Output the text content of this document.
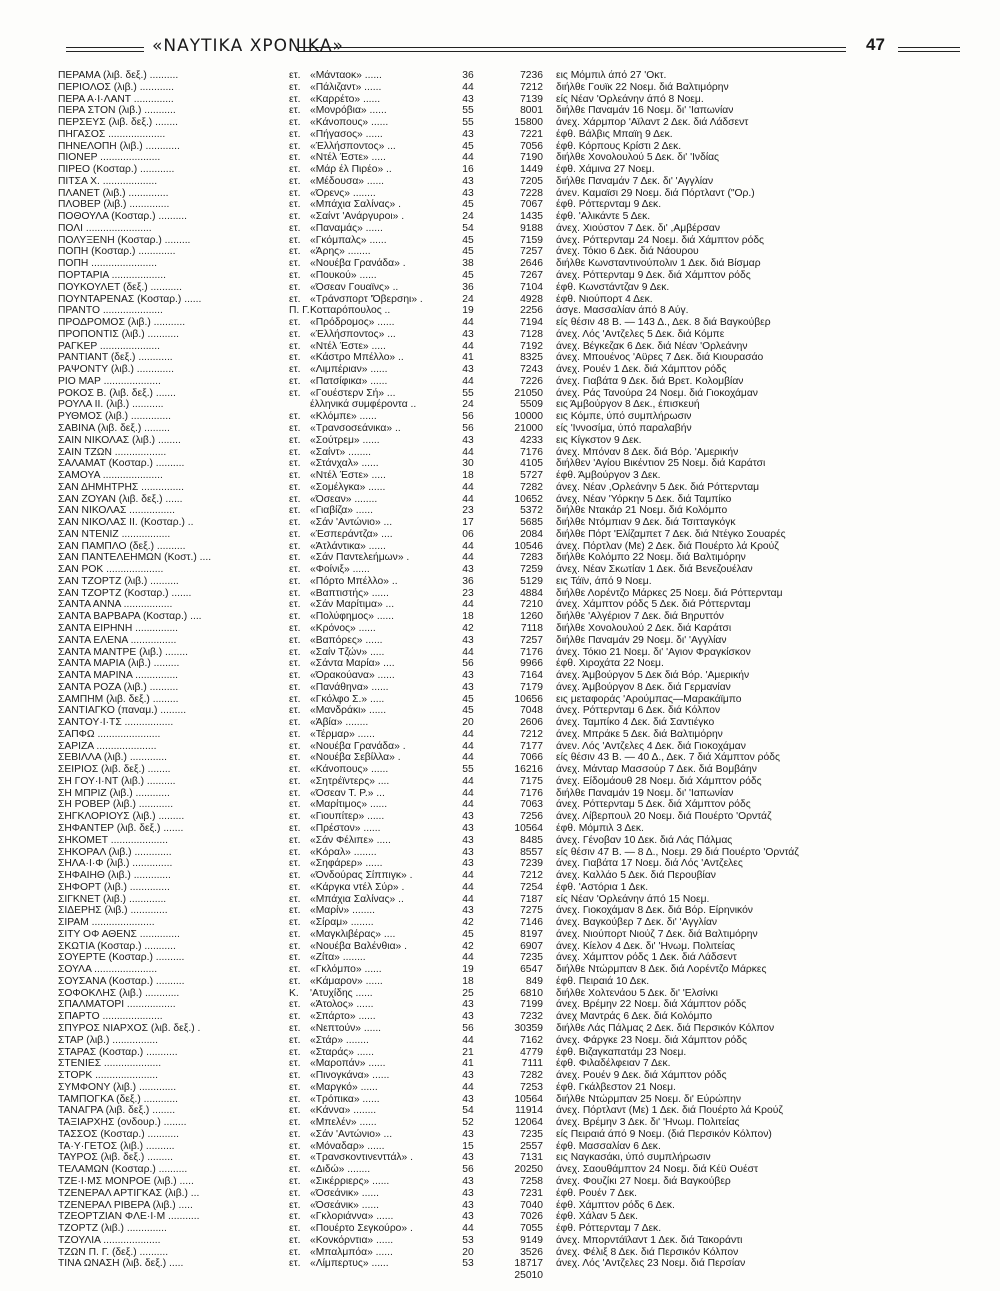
«ΝΑΥΤΙΚΑ ΧΡΟΝΙΚΑ»	47
ΠΕΡΑΜΑ (λιβ. δεξ.) ..........	ετ. «Μάνταοκ» ......	36	7236 εις Μόμπιλ άπό 27 'Οκτ.
ΠΕΡΙΟΛΟΣ (λιβ.) ............	ετ. «Πάλιζαντ» ......	44	7212 διήλθε Γουϊκ 22 Νοεμ. διά Βαλτιμόρην
ΠΕΡΑ Α·Ι·ΛΑΝΤ ..............	ετ. «Καρρέτο» ......	43	7139 είς Νέαν 'Ορλεάνην άπό 8 Νοεμ.
ΠΕΡΑ ΣΤΟΝ (λιβ.) ...........	ετ. «Μονρόβια» ......	55	8001 διήλθε Παναμάν 16 Νοεμ. δι' 'Ιαπωνίαν
ΠΕΡΣΕΥΣ (λιβ. δεξ.) ........	ετ. «Κάνοπους» ......	55	15800 άνεχ. Χάρμπορ 'Αϊλαντ 2 Δεκ. διά Λάδσεντ
ΠΗΓΑΣΟΣ ....................	ετ. «Πήγασος» ......	43	7221 έφθ. Βάλβις Μπαϊη 9 Δεκ.
ΠΗΝΕΛΟΠΗ (λιβ.) ............	ετ. «Έλλήσποντος» ...	45	7056 έφθ. Κόρπους Κρίστι 2 Δεκ.
ΠΙΟΝΕΡ .....................	ετ. «Ντέλ Έστε» .....	44	7190 διήλθε Χονολουλού 5 Δεκ. δι' 'Ινδίας
ΠΙΡΕΟ (Κοσταρ.) ............	ετ. «Μάρ έλ Πιρέο» ..	16	1449 έφθ. Χάμινα 27 Νοεμ.
ΠΙΤΣΑ Χ. ...................	ετ. «Μέδουσα» ......	43	7205 διήλθε Παναμάν 7 Δεκ. δι' 'Αγγλίαν
ΠΛΑΝΕΤ (λιβ.) ..............	ετ. «Όρενς» ........	43	7228 άνεν. Καμαϊσι 29 Νοεμ. διά Πόρτλαντ ("Ορ.)
ΠΛΟΒΕΡ (λιβ.) ..............	ετ. «Μπάχια Σαλίνας» .	45	7067 έφθ. Ρόττερνταμ 9 Δεκ.
ΠΟΘΟΥΛΑ (Κοσταρ.) ..........	ετ. «Σαίντ 'Ανάργυροι» .	24	1435 έφθ. 'Αλικάντε 5 Δεκ.
ΠΟΛΙ .......................	ετ. «Παναμάς» ......	54	9188 άνεχ. Χιούστον 7 Δεκ. δι' ,Αμβέρσαν
ΠΟΛΥΞΕΝΗ (Κοσταρ.) .........	ετ. «Γκόμπαλς» ......	45	7159 άνεχ. Ρόττερνταμ 24 Νοεμ. διά Χάμπτον ρόδς
ΠΟΠΗ (Κοσταρ.) .............	ετ. «Άρης» ........	45	7257 άνεχ. Τόκιο 6 Δεκ. διά Νάουρου
ΠΟΠΗ .......................	ετ. «Νουέβα Γρανάδα» .	38	2646 διήλθε Κωνσταντινούπολιν 1 Δεκ. διά Βίσμαρ
ΠΟΡΤΑΡΙΑ ...................	ετ. «Πουκού» ......	45	7267 άνεχ. Ρόττερνταμ 9 Δεκ. διά Χάμπτον ρόδς
ΠΟΥΚΟΥΛΕΤ (δεξ.) ...........	ετ. «Όσεαν Γουαϊνς» ..	36	7104 έφθ. Κωνστάντζαν 9 Δεκ.
ΠΟΥΝΤΑΡΕΝΑΣ (Κοσταρ.) ......	ετ. «Τράνσπορτ 'Όβερσηι» .	24	4928 έφθ. Νιούπορτ 4 Δεκ.
ΠΡΑΝΤΟ .....................	Π. Γ. Κοτταρόπουλος ..	19	2256 άσγε. Μασσαλίαν άπό 8 Αύγ.
ΠΡΟΔΡΟΜΟΣ (λιβ.) ...........	ετ. «Πρόδρομος» ......	44	7194 είς θέσιν 48 Β. — 143 Δ., Δεκ. 8 διά Βαγκούβερ
ΠΡΟΠΟΝΤΙΣ (λιβ.) ...........	ετ. «Έλλήσποντος» ...	43	7128 άνεχ. Λός 'Αντζελες 5 Δεκ. διά Κόμπε
ΡΑΓΚΕΡ .....................	ετ. «Ντέλ Έστε» .....	44	7192 άνεχ. Βέγκεζακ 6 Δεκ. διά Νέαν 'Ορλεάνην
ΡΑΝΤΙΑΝΤ (δεξ.) ............	ετ. «Κάστρο Μπέλλο» ..	41	8325 άνεχ. Μπουένος 'Αϋρες 7 Δεκ. διά Κιουρασάο
ΡΑΨΟΝΤΥ (λιβ.) .............	ετ. «Λιμπέριαν» ......	43	7243 άνεχ. Ρουέν 1 Δεκ. διά Χάμπτον ρόδς
ΡΙΟ ΜΑΡ ....................	ετ. «Πατσίφικα» ......	44	7226 άνεχ. Γιαβάτα 9 Δεκ. διά Βρετ. Κολομβίαν
ΡΟΚΟΣ Β. (λιβ. δεξ.) .......	ετ. «Γουέστερν Σή» ...	55	21050 άνεχ. Ράς Τανούρα 24 Νοεμ. διά Γιοκοχάμαν
ΡΟΥΛΑ ΙΙ. (λιβ.) ...........	έλληνικά συμφέροντα ..	24	5509 εις Άμβούργον 8 Δεκ., έπισκευή
ΡΥΘΜΟΣ (λιβ.) ..............	ετ. «Κλόμπε» ......	56	10000 εις Κόμπε, ύπό συμπλήρωσιν
ΣΑΒΙΝΑ (λιβ. δεξ.) .........	ετ. «Τρανσοσεάνικα» ..	56	21000 είς 'Ιννοσίμα, ύπό παραλαβήν
ΣΑΙΝ ΝΙΚΟΛΑΣ (λιβ.) ........	ετ. «Σούτρεμ» ......	43	4233 εις Κίγκστον 9 Δεκ.
ΣΑΙΝ ΤΖΩΝ ..................	ετ. «Σαίντ» ........	44	7176 άνεχ. Μπόναν 8 Δεκ. διά Βόρ. 'Αμερικήν
ΣΑΛΑΜΑΤ (Κοσταρ.) ..........	ετ. «Στάνχαλ» ......	30	4105 διήλθεν 'Αγίου Βικέντιον 25 Νοεμ. διά Καράτσι
ΣΑΜΟΥΑ .....................	ετ. «Ντέλ Έστε» .....	18	5727 έφθ. Άμβούργον 3 Δεκ.
ΣΑΝ ΔΗΜΗΤΡΗΣ ...............	ετ. «Σομέλγκα» ......	44	7282 άνεχ. Νέαν ,Ορλεάνην 5 Δεκ. διά Ρόττερνταμ
ΣΑΝ ΖΟΥΑΝ (λιβ. δεξ.) ......	ετ. «Όσεαν» ........	44	10652 άνεχ. Νέαν 'Υόρκην 5 Δεκ. διά Ταμπίκο
ΣΑΝ ΝΙΚΟΛΑΣ ................	ετ. «Γιαβίζα» ......	23	5372 διήλθε Ντακάρ 21 Νοεμ. διά Κολόμπο
ΣΑΝ ΝΙΚΟΛΑΣ ΙΙ. (Κοσταρ.) ..	ετ. «Σάν 'Αντώνιο» ...	17	5685 διήλθε Ντόμπιαν 9 Δεκ. διά Τσιτταγκόγκ
ΣΑΝ ΝΤΕΝΙΖ .................	ετ. «Έσπεράντζα» ....	06	2084 διήλθε Πόρτ 'Ελίζαμπετ 7 Δεκ. διά Ντέγκο Σουαρές
ΣΑΝ ΠΑΜΠΛΟ (δεξ.) ..........	ετ. «Άτλάντικα» ......	44	10546 άνεχ. Πόρτλαν (Με) 2 Δεκ. διά Πουέρτο λά Κρούζ
ΣΑΝ ΠΑΝΤΕΛΕΗΜΩΝ (Κοστ.) ....	ετ. «Σάν Παντελεήμων» .	44	7283 διήλθε Κολόμπο 22 Νοεμ. διά Βαλτιμόρην
ΣΑΝ ΡΟΚ ....................	ετ. «Φοίνιξ» ......	43	7259 άνεχ. Νέαν Σκωτίαν 1 Δεκ. διά Βενεζουέλαν
ΣΑΝ ΤΖΟΡΤΖ (λιβ.) ..........	ετ. «Πόρτο Μπέλλο» ..	36	5129 εις Τάϊν, άπό 9 Νοεμ.
ΣΑΝ ΤΖΟΡΤΖ (Κοσταρ.) .......	ετ. «Βαπτιστής» ......	23	4884 διήλθε Λορέντζο Μάρκες 25 Νοεμ. διά Ρόττερνταμ
ΣΑΝΤΑ ΑΝΝΑ .................	ετ. «Σάν Μαρίτιμα» ...	44	7210 άνεχ. Χάμπτον ρόδς 5 Δεκ. διά Ρόττερνταμ
ΣΑΝΤΑ ΒΑΡΒΑΡΑ (Κοσταρ.) ....	ετ. «Πολύφημος» ......	18	1260 διήλθε 'Αλγέριον 7 Δεκ. διά Βηρυττόν
ΣΑΝΤΑ ΕΙΡΗΝΗ ...............	ετ. «Κρόνος» ......	42	7118 διήλθε Χονολουλού 2 Δεκ. διά Καράτσι
ΣΑΝΤΑ ΕΛΕΝΑ ................	ετ. «Βαπόρες» ......	43	7257 διήλθε Παναμάν 29 Νοεμ. δι' 'Αγγλίαν
ΣΑΝΤΑ ΜΑΝΤΡΕ (λιβ.) ........	ετ. «Σαίν Τζών» .....	44	7176 άνεχ. Τόκιο 21 Νοεμ. δι' 'Αγιον Φραγκίσκον
ΣΑΝΤΑ ΜΑΡΙΑ (λιβ.) .........	ετ. «Σάντα Μαρία» ....	56	9966 έφθ. Χιροχάτα 22 Νοεμ.
ΣΑΝΤΑ ΜΑΡΙΝΑ ...............	ετ. «Όρακούανα» ......	43	7164 άνεχ. Άμβούργον 5 Δεκ διά Βόρ. 'Αμερικήν
ΣΑΝΤΑ ΡΟΖΑ (λιβ.) ..........	ετ. «Πανάθηνα» ......	43	7179 άνεχ. Άμβούργον 8 Δεκ. διά Γερμανίαν
ΣΑΜΠΗΜ (λιβ. δεξ.) .........	ετ. «Γκόλφο Σ.» .....	45	10656 εις μεταφοράς 'Αρούμπας—Μαρακάϊμπο
ΣΑΝΤΙΑΓΚΟ (παναμ.) .........	ετ. «Μανδράκι» ......	45	7048 άνεχ. Ρόττερνταμ 6 Δεκ. διά Κόλπον
ΣΑΝΤΟΥ·Ι·ΤΣ .................	ετ. «Άβία» ........	20	2606 άνεχ. Ταμπίκο 4 Δεκ. διά Σαντιέγκο
ΣΑΠΦΩ ......................	ετ. «Τέρμαρ» ......	44	7212 άνεχ. Μπράκε 5 Δεκ. διά Βαλτιμόρην
ΣΑΡΙΖΑ .....................	ετ. «Νουέβα Γρανάδα» .	44	7177 άνεν. Λός 'Αντζελες 4 Δεκ. διά Γιοκοχάμαν
ΣΕΒΙΛΛΑ (λιβ.) .............	ετ. «Νουέβα Σεβίλλα» .	44	7066 είς θέσιν 43 Β. — 40 Δ., Δεκ. 7 διά Χάμπτον ρόδς
ΣΕΙΡΙΟΣ (λιβ. δεξ.) ........	ετ. «Κάνοπους» ......	55	16216 άνεχ. Μάνταρ Μασσούρ 7 Δεκ. διά Βομβάην
ΣΗ ΓΟΥ·Ι·ΝΤ (λιβ.) ..........	ετ. «Σητρέϊντερς» ....	44	7175 άνεχ. Είδομάουθ 28 Νοεμ. διά Χάμπτον ρόδς
ΣΗ ΜΠΡΙΖ (λιβ.) ............	ετ. «Όσεαν Τ. Ρ.» ...	44	7176 διήλθε Παναμάν 19 Νοεμ. δι' 'Ιαπωνίαν
ΣΗ ΡΟΒΕΡ (λιβ.) ............	ετ. «Μαρίτιμος» ......	44	7063 άνεχ. Ρόττερνταμ 5 Δεκ. διά Χάμπτον ρόδς
ΣΗΓΚΛΟΡΙΟΥΣ (λιβ.) .........	ετ. «Γιουπίτερ» ......	43	7256 άνεχ. Λίβερπουλ 20 Νοεμ. διά Πουέρτο 'Ορντάζ
ΣΗΦΑΝΤΕΡ (λιβ. δεξ.) .......	ετ. «Πρέστον» ......	43	10564 έφθ. Μόμπιλ 3 Δεκ.
ΣΗΚΟΜΕΤ ....................	ετ. «Σάν Φέλιπε» .....	43	8485 άνεχ. Γένοβαν 10 Δεκ. διά Λάς Πάλμας
ΣΗΚΟΡΑΛ (λιβ.) .............	ετ. «Κόραλ» ........	43	8557 είς θέσιν 47 Β. — 8 Δ., Νοεμ. 29 διά Πουέρτο 'Ορντάζ
ΣΗΛΑ·Ι·Φ (λιβ.) ..............	ετ. «Σηφάρερ» ......	43	7239 άνεχ. Γιαβάτα 17 Νοεμ. διά Λός 'Αντζελες
ΣΗΦΑΙΗΘ (λιβ.) .............	ετ. «Όνδούρας Σίππιγκ» .	44	7212 άνεχ. Καλλάο 5 Δεκ. διά Περουβίαν
ΣΗΦΟΡΤ (λιβ.) ..............	ετ. «Κάργκα ντέλ Σύρ» .	44	7254 έφθ. 'Αστόρια 1 Δεκ.
ΣΙΓΚΝΕΤ (λιβ.) .............	ετ. «Μπάχια Σαλίνας» ..	44	7187 είς Νέαν 'Ορλεάνην άπό 15 Νοεμ.
ΣΙΔΕΡΗΣ (λιβ.) .............	ετ. «Μαρίν» ........	43	7275 άνεχ. Γιοκοχάμαν 8 Δεκ. διά Βόρ. Είρηνικόν
ΣΙΡΑΜ ......................	ετ. «Σίραμ» ........	42	7146 άνεχ. Βαγκούβερ 7 Δεκ. δι' 'Αγγλίαν
ΣΙΤΥ ΟΦ ΑΘΕΝΣ ..............	ετ. «Μαγκλιβέρας» ....	45	8197 άνεχ. Νιούπορτ Νιούζ 7 Δεκ. διά Βαλτιμόρην
ΣΚΩΤΙΑ (Κοσταρ.) ...........	ετ. «Νουέβα Βαλένθια» .	42	6907 άνεχ. Κίελον 4 Δεκ. δι' 'Ηνωμ. Πολιτείας
ΣΟΥΕΡΤΕ (Κοσταρ.) ..........	ετ. «Ζίτα» ........	44	7235 άνεχ. Χάμπτον ρόδς 1 Δεκ. διά Λάδσεντ
ΣΟΥΛΑ ......................	ετ. «Γκλόμπο» ......	19	6547 διήλθε Ντώρμπαν 8 Δεκ. διά Λορέντζο Μάρκες
ΣΟΥΣΑΝΑ (Κοσταρ.) ..........	ετ. «Κάμαρον» ......	18	849 έφθ. Πειραιά 10 Δεκ.
ΣΟΦΟΚΛΗΣ (λιβ.) ............	Κ.	'Ατυχίδης ......	25	6810 διήλθε Χολτενάου 5 Δεκ. δι' 'Ελσίνκι
ΣΠΑΛΜΑΤΟΡΙ .................	ετ. «Άτολος» ......	43	7199 άνεχ. Βρέμην 22 Νοεμ. διά Χάμπτον ρόδς
ΣΠΑΡΤΟ .....................	ετ. «Σπάρτο» ......	43	7232 άνεχ Μαντράς 6 Δεκ. διά Κολόμπο
ΣΠΥΡΟΣ ΝΙΑΡΧΟΣ (λιβ. δεξ.) .	ετ. «Νεπτούν» ......	56	30359 διήλθε Λάς Πάλμας 2 Δεκ. διά Περσικόν Κόλπον
ΣΤΑΡ (λιβ.) ................	ετ. «Στάρ» ........	44	7162 άνεχ. Φάργκε 23 Νοεμ. διά Χάμπτον ρόδς
ΣΤΑΡΑΣ (Κοσταρ.) ...........	ετ. «Σταράς» ......	21	4779 έφθ. Βιζαγκαπατάμ 23 Νοεμ.
ΣΤΕΝΙΕΣ ....................	ετ. «Μαροπάν» ......	41	7111 έφθ. Φιλαδέλφειαν 7 Δεκ.
ΣΤΟΡΚ ......................	ετ. «Πινογκάνα» ......	43	7282 άνεχ. Ρουέν 9 Δεκ. διά Χάμπτον ρόδς
ΣΥΜΦΟΝΥ (λιβ.) .............	ετ. «Μαργκό» ......	44	7253 έφθ. Γκάλβεστον 21 Νοεμ.
ΤΑΜΠΟΓΚΑ (δεξ.) ............	ετ. «Τρόπικα» ......	43	10564 διήλθε Ντώρμπαν 25 Νοεμ. δι' Εύρώπην
ΤΑΝΑΓΡΑ (λιβ. δεξ.) ........	ετ. «Κάννα» ........	54	11914 άνεχ. Πόρτλαντ (Με) 1 Δεκ. διά Πουέρτο λά Κρούζ
ΤΑΞΙΑΡΧΗΣ (ονδουρ.) ........	ετ. «Μπελέν» ......	52	12064 άνεχ. Βρέμην 3 Δεκ. δι' 'Ηνωμ. Πολιτείας
ΤΑΣΣΟΣ (Κοσταρ.) ...........	ετ. «Σάν 'Αντώνιο» ...	43	7235 είς Πειραιά άπό 9 Νοεμ. (διά Περσικόν Κόλπον)
ΤΑ·Υ·ΓΕΤΟΣ (λιβ.) ..........	ετ. «Μόναδαρ» ......	15	2557 έφθ. Μασσαλίαν 6 Δεκ.
ΤΑΥΡΟΣ (λιβ. δεξ.) .........	ετ. «Τρανσκοντινενττάλ» .	43	7131 εις Ναγκασάκι, ύπό συμπλήρωσιν
ΤΕΛΑΜΩΝ (Κοσταρ.) ..........	ετ. «Διδώ» ........	56	20250 άνεχ. Σαουθάμπτον 24 Νοεμ. διά Κέϋ Ουέστ
ΤΖΕ·Ι·ΜΣ ΜΟΝΡΟΕ (λιβ.) .....	ετ. «Σικέρριερς» ......	43	7258 άνεχ. Φουζίκι 27 Νοεμ. διά Βαγκούβερ
ΤΖΕΝΕΡΑΛ ΑΡΤΙΓΚΑΣ (λιβ.) ...	ετ. «Όσεάνικ» ......	43	7231 έφθ. Ρουέν 7 Δεκ.
ΤΖΕΝΕΡΑΛ ΡΙΒΕΡΑ (λιβ.) .....	ετ. «Όσεάνικ» ......	43	7040 έφθ. Χάμπτον ρόδς 6 Δεκ.
ΤΖΕΟΡΤΖΙΑΝ ΦΛΕ·Ι·Μ ...........	ετ. «Γκλοριάννα» ......	43	7026 έφθ. Χάλαν 5 Δεκ.
ΤΖΟΡΤΖ (λιβ.) ..............	ετ. «Πουέρτο Σεγκούρο» .	44	7055 έφθ. Ρόττερνταμ 7 Δεκ.
ΤΖΟΥΛΙΑ ....................	ετ. «Κονκόρντια» ......	53	9149 άνεχ. Μπορντάϊλαντ 1 Δεκ. διά Τακοράντι
ΤΖΩΝ Π. Γ. (δεξ.) ..........	ετ. «Μπαλμπόα» ......	20	3526 άνεχ. Φέλιξ 8 Δεκ. διά Περσικόν Κόλπον
ΤΙΝΑ ΩΝΑΣΗ (λιβ. δεξ.) .....	ετ. «Λίμπερτυς» ......	53	18717 άνεχ. Λός 'Αντζελες 23 Νοεμ. διά Περσίαν
25010
